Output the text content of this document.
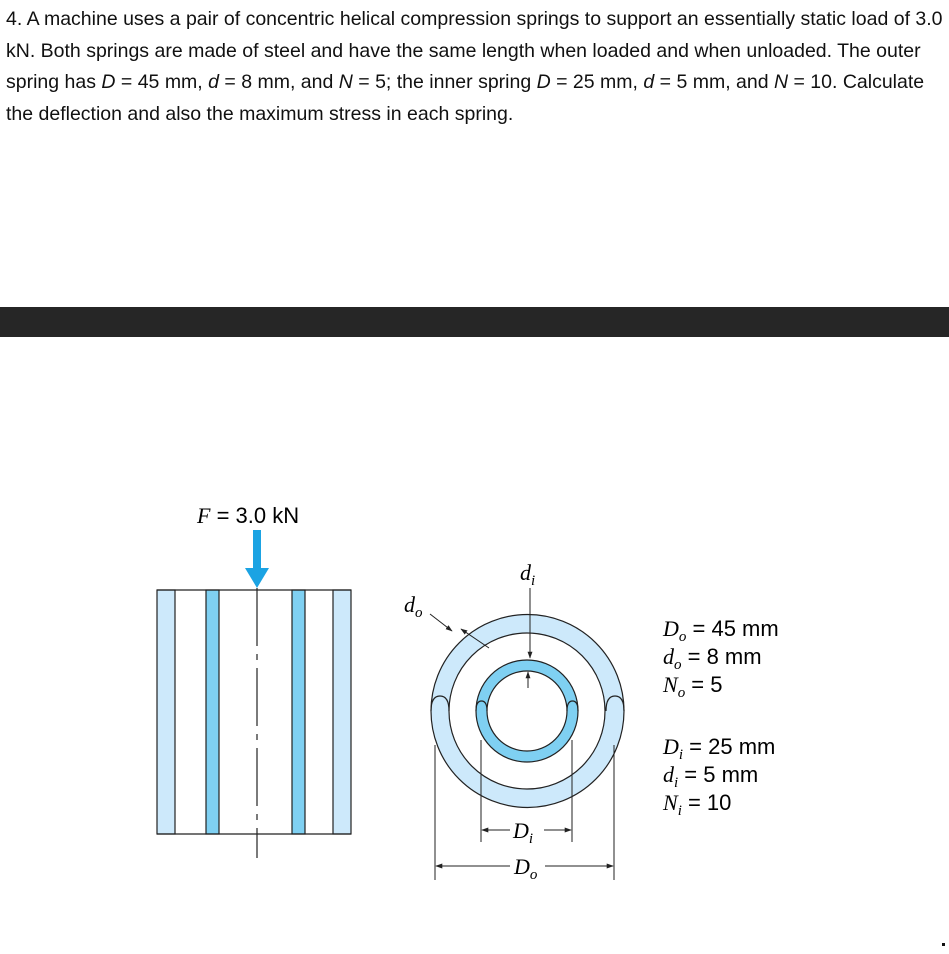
4. A machine uses a pair of concentric helical compression springs to support an essentially static load of 3.0 kN. Both springs are made of steel and have the same length when loaded and when unloaded. The outer spring has D = 45 mm, d = 8 mm, and N = 5; the inner spring D = 25 mm, d = 5 mm, and N = 10. Calculate the deflection and also the maximum stress in each spring.
F = 3.0 kN
$d_o$
$d_i$
$D_i$
$D_o$
$D_o = 45$ mm
$d_o = 8$ mm
$N_o = 5$
$D_i = 25$ mm
$d_i = 5$ mm
$N_i = 10$
